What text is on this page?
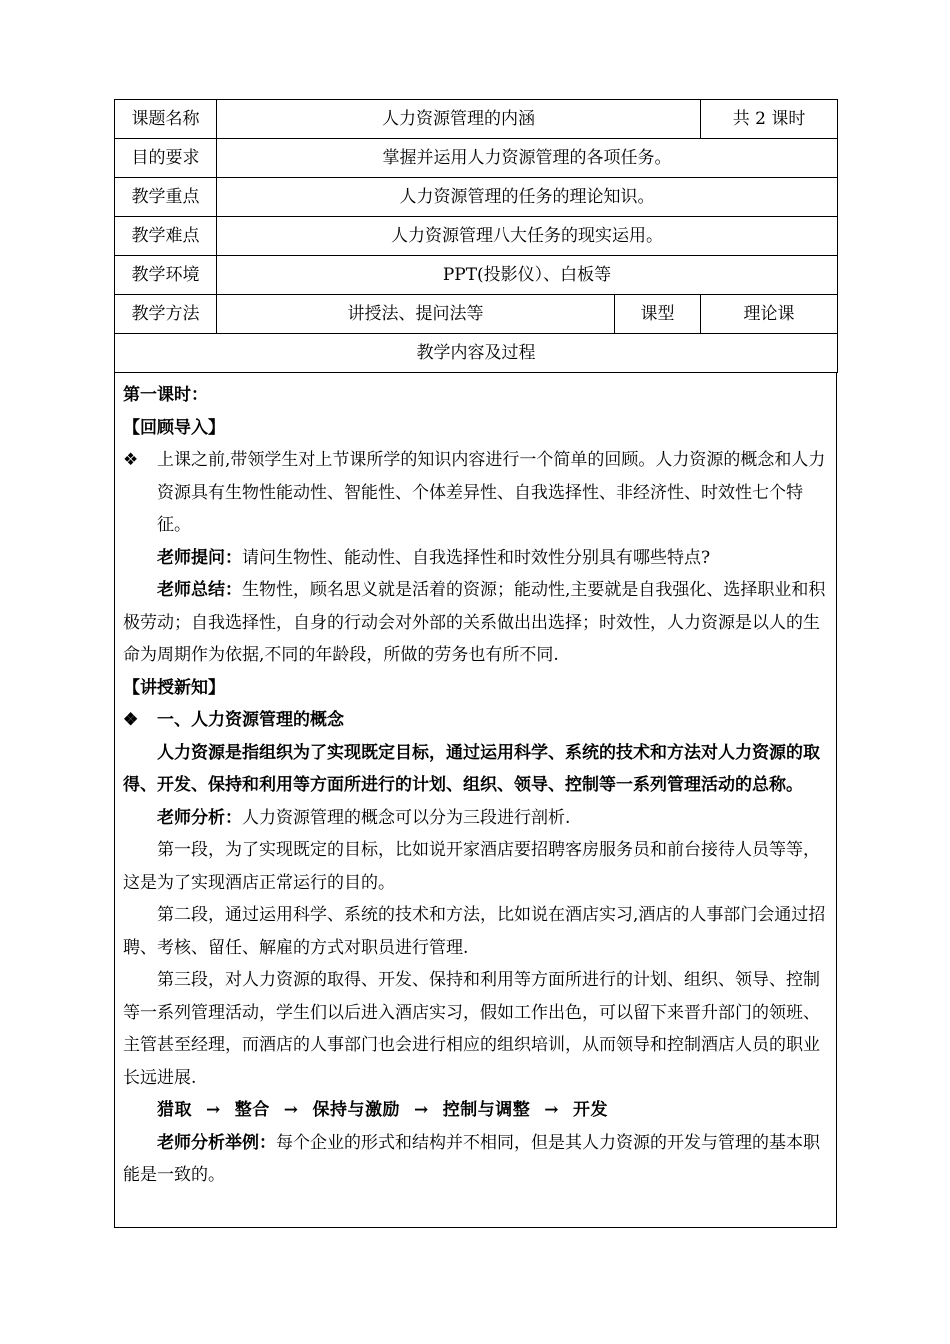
课题名称	人力资源管理的内涵		共 2 课时
目的要求	掌握并运用人力资源管理的各项任务。		
教学重点	人力资源管理的任务的理论知识。		
教学难点	人力资源管理八大任务的现实运用。		
教学环境	PPT(投影仪）、白板等		
教学方法	讲授法、提问法等	课型	理论课
教学内容及过程			

第一课时：

【回顾导入】

❖	上课之前,带领学生对上节课所学的知识内容进行一个简单的回顾。人力资源的概念和人力资源具有生物性能动性、智能性、个体差异性、自我选择性、非经济性、时效性七个特征。

老师提问：请问生物性、能动性、自我选择性和时效性分别具有哪些特点?

老师总结：生物性，顾名思义就是活着的资源；能动性,主要就是自我强化、选择职业和积极劳动；自我选择性，自身的行动会对外部的关系做出出选择；时效性，人力资源是以人的生命为周期作为依据,不同的年龄段，所做的劳务也有所不同.

【讲授新知】

❖	一、人力资源管理的概念

人力资源是指组织为了实现既定目标，通过运用科学、系统的技术和方法对人力资源的取得、开发、保持和利用等方面所进行的计划、组织、领导、控制等一系列管理活动的总称。

老师分析：人力资源管理的概念可以分为三段进行剖析.

第一段，为了实现既定的目标，比如说开家酒店要招聘客房服务员和前台接待人员等等，这是为了实现酒店正常运行的目的。

第二段，通过运用科学、系统的技术和方法，比如说在酒店实习,酒店的人事部门会通过招聘、考核、留任、解雇的方式对职员进行管理.

第三段，对人力资源的取得、开发、保持和利用等方面所进行的计划、组织、领导、控制等一系列管理活动，学生们以后进入酒店实习，假如工作出色，可以留下来晋升部门的领班、主管甚至经理，而酒店的人事部门也会进行相应的组织培训，从而领导和控制酒店人员的职业长远进展.

猎取 → 整合 → 保持与激励 → 控制与调整 → 开发

老师分析举例：每个企业的形式和结构并不相同，但是其人力资源的开发与管理的基本职能是一致的。
